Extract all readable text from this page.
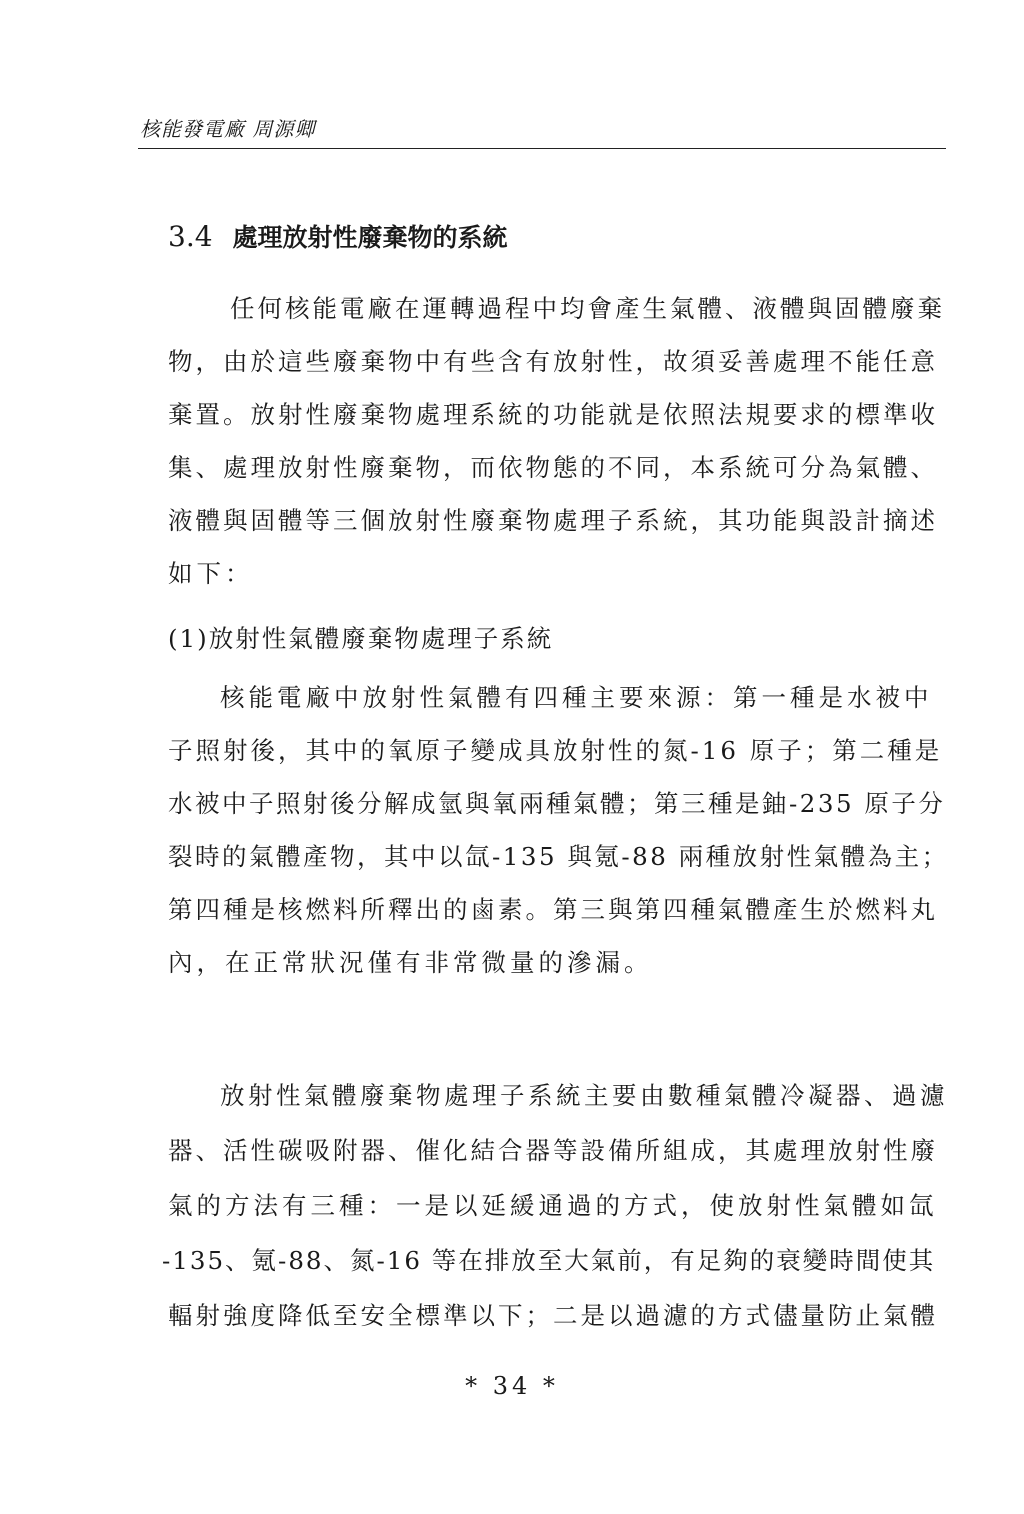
核能發電廠 周源卿
3.4 處理放射性廢棄物的系統
任何核能電廠在運轉過程中均會產生氣體、液體與固體廢棄
物，由於這些廢棄物中有些含有放射性，故須妥善處理不能任意
棄置。放射性廢棄物處理系統的功能就是依照法規要求的標準收
集、處理放射性廢棄物，而依物態的不同，本系統可分為氣體、
液體與固體等三個放射性廢棄物處理子系統，其功能與設計摘述
如下：
(1)放射性氣體廢棄物處理子系統
核能電廠中放射性氣體有四種主要來源：第一種是水被中
子照射後，其中的氧原子變成具放射性的氮-16 原子；第二種是
水被中子照射後分解成氫與氧兩種氣體；第三種是鈾-235 原子分
裂時的氣體產物，其中以氙-135 與氪-88 兩種放射性氣體為主；
第四種是核燃料所釋出的鹵素。第三與第四種氣體產生於燃料丸
內，在正常狀況僅有非常微量的滲漏。
放射性氣體廢棄物處理子系統主要由數種氣體冷凝器、過濾
器、活性碳吸附器、催化結合器等設備所組成，其處理放射性廢
氣的方法有三種：一是以延緩通過的方式，使放射性氣體如氙
-135、氪-88、氮-16 等在排放至大氣前，有足夠的衰變時間使其
輻射強度降低至安全標準以下；二是以過濾的方式儘量防止氣體
* 34 *
